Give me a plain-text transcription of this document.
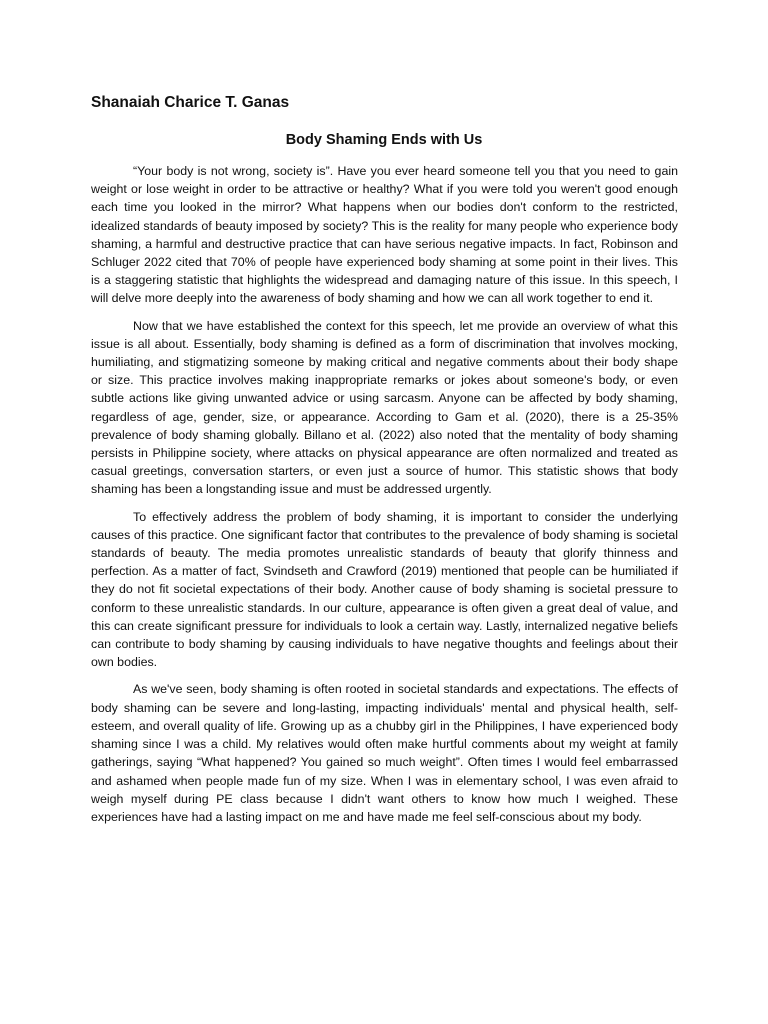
Shanaiah Charice T. Ganas
Body Shaming Ends with Us

“Your body is not wrong, society is”. Have you ever heard someone tell you that you need to gain weight or lose weight in order to be attractive or healthy? What if you were told you weren't good enough each time you looked in the mirror? What happens when our bodies don't conform to the restricted, idealized standards of beauty imposed by society? This is the reality for many people who experience body shaming, a harmful and destructive practice that can have serious negative impacts. In fact, Robinson and Schluger 2022 cited that 70% of people have experienced body shaming at some point in their lives. This is a staggering statistic that highlights the widespread and damaging nature of this issue. In this speech, I will delve more deeply into the awareness of body shaming and how we can all work together to end it.

Now that we have established the context for this speech, let me provide an overview of what this issue is all about. Essentially, body shaming is defined as a form of discrimination that involves mocking, humiliating, and stigmatizing someone by making critical and negative comments about their body shape or size. This practice involves making inappropriate remarks or jokes about someone's body, or even subtle actions like giving unwanted advice or using sarcasm. Anyone can be affected by body shaming, regardless of age, gender, size, or appearance. According to Gam et al. (2020), there is a 25-35% prevalence of body shaming globally. Billano et al. (2022) also noted that the mentality of body shaming persists in Philippine society, where attacks on physical appearance are often normalized and treated as casual greetings, conversation starters, or even just a source of humor. This statistic shows that body shaming has been a longstanding issue and must be addressed urgently.

To effectively address the problem of body shaming, it is important to consider the underlying causes of this practice. One significant factor that contributes to the prevalence of body shaming is societal standards of beauty. The media promotes unrealistic standards of beauty that glorify thinness and perfection. As a matter of fact, Svindseth and Crawford (2019) mentioned that people can be humiliated if they do not fit societal expectations of their body. Another cause of body shaming is societal pressure to conform to these unrealistic standards. In our culture, appearance is often given a great deal of value, and this can create significant pressure for individuals to look a certain way. Lastly, internalized negative beliefs can contribute to body shaming by causing individuals to have negative thoughts and feelings about their own bodies.

As we've seen, body shaming is often rooted in societal standards and expectations. The effects of body shaming can be severe and long-lasting, impacting individuals' mental and physical health, self-esteem, and overall quality of life. Growing up as a chubby girl in the Philippines, I have experienced body shaming since I was a child. My relatives would often make hurtful comments about my weight at family gatherings, saying “What happened? You gained so much weight”. Often times I would feel embarrassed and ashamed when people made fun of my size. When I was in elementary school, I was even afraid to weigh myself during PE class because I didn't want others to know how much I weighed. These experiences have had a lasting impact on me and have made me feel self-conscious about my body.
